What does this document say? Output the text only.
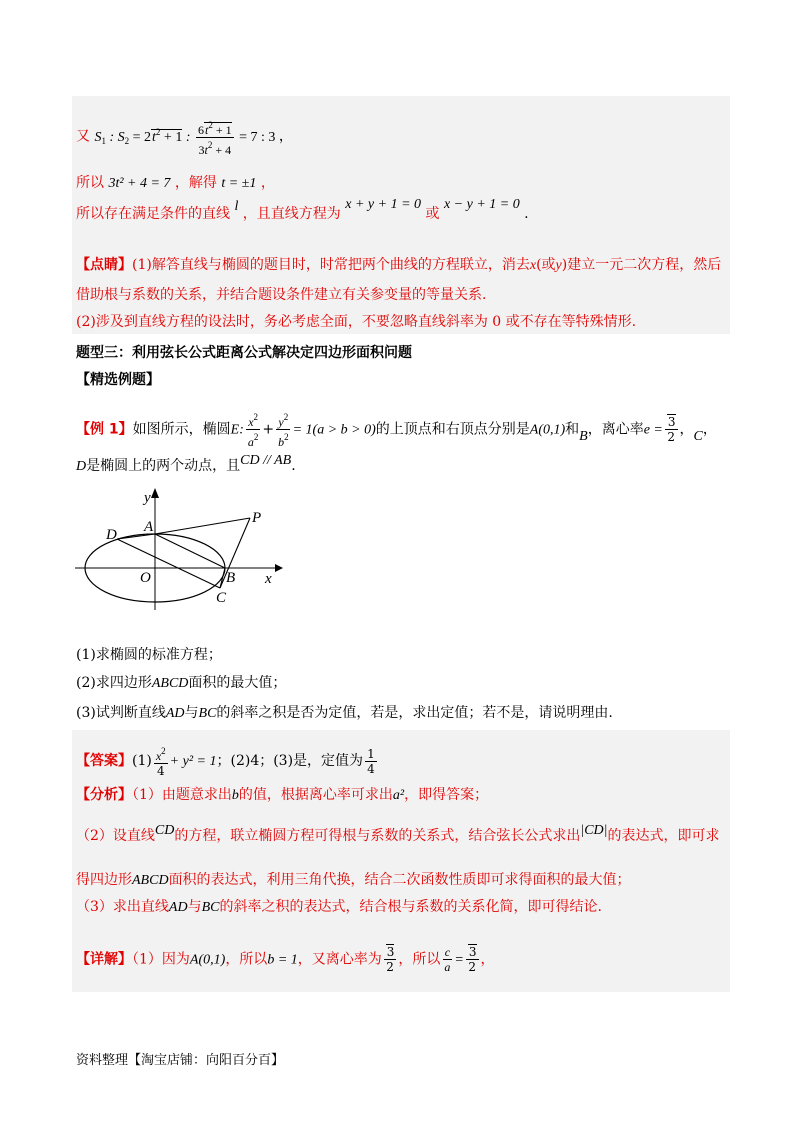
又 $S_1$ : $S_2 = 2t^2 + 1$ : $\frac{6t^2 + 1}{3t^2 + 4} = 7$ : 3 ，
所以 3t² + 4 = 7 ，解得 t = ±1 ，
所以存在满足条件的直线 l ，且直线方程为 x + y + 1 = 0 或 x − y + 1 = 0 .
【点睛】(1)解答直线与椭圆的题目时，时常把两个曲线的方程联立，消去x(或y)建立一元二次方程，然后
借助根与系数的关系，并结合题设条件建立有关参变量的等量关系.
(2)涉及到直线方程的设法时，务必考虑全面，不要忽略直线斜率为 0 或不存在等特殊情形.
题型三：利用弦长公式距离公式解决定四边形面积问题
【精选例题】
【例 1】如图所示，椭圆E: $\frac{x^2}{a^2} + \frac{y^2}{b^2} = 1(a > b > 0)$的上顶点和右顶点分别是A(0,1)和B，离心率$e = \frac{3}{2}$ ，C，
D是椭圆上的两个动点，且CD // AB.
y
x
A
B
C
D
O
P
(1)求椭圆的标准方程；
(2)求四边形ABCD面积的最大值；
(3)试判断直线AD与BC的斜率之积是否为定值，若是，求出定值；若不是，请说明理由.
【答案】$(1) \frac{x^2}{4} + y^2 = 1$；(2)4；(3)是，定值为 $\frac{1}{4}$
【分析】（1）由题意求出b的值，根据离心率可求出a²，即得答案；
（2）设直线CD的方程，联立椭圆方程可得根与系数的关系式，结合弦长公式求出|CD|的表达式，即可求
得四边形ABCD面积的表达式，利用三角代换，结合二次函数性质即可求得面积的最大值；
（3）求出直线AD与BC的斜率之积的表达式，结合根与系数的关系化简，即可得结论.
【详解】（1）因为A(0,1)，所以b = 1，又离心率为 $\frac{3}{2}$ ，所以 $\frac{c}{a} = \frac{3}{2}$ ，
资料整理【淘宝店铺：向阳百分百】
